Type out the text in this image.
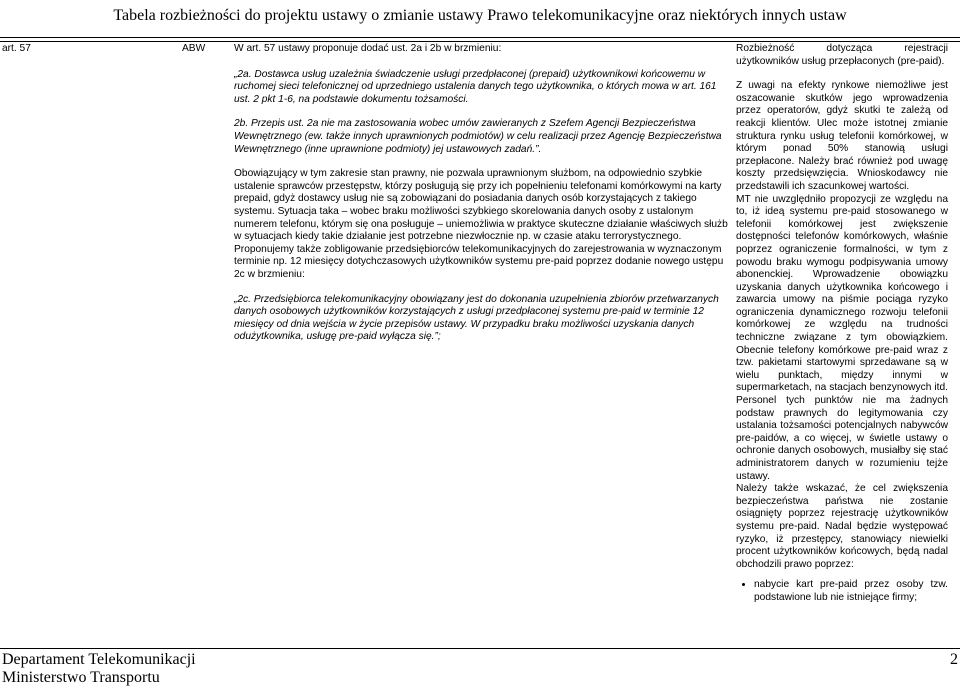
Tabela rozbieżności do projektu ustawy o zmianie ustawy Prawo telekomunikacyjne oraz niektórych innych ustaw
art. 57	ABW	W art. 57 ustawy proponuje dodać ust. 2a i 2b w brzmieniu:

„2a. Dostawca usług uzależnia świadczenie usługi przedpłaconej (prepaid) użytkownikowi końcowemu w ruchomej sieci telefonicznej od uprzedniego ustalenia danych tego użytkownika, o których mowa w art. 161 ust. 2 pkt 1-6, na podstawie dokumentu tożsamości.

2b. Przepis ust. 2a nie ma zastosowania wobec umów zawieranych z Szefem Agencji Bezpieczeństwa Wewnętrznego (ew. także innych uprawnionych podmiotów) w celu realizacji przez Agencję Bezpieczeństwa Wewnętrznego (inne uprawnione podmioty) jej ustawowych zadań.”.

Obowiązujący w tym zakresie stan prawny, nie pozwala uprawnionym służbom, na odpowiednio szybkie ustalenie sprawców przestępstw, którzy posługują się przy ich popełnieniu telefonami komórkowymi na karty prepaid, gdyż dostawcy usług nie są zobowiązani do posiadania danych osób korzystających z takiego systemu. Sytuacja taka – wobec braku możliwości szybkiego skorelowania danych osoby z ustalonym numerem telefonu, którym się ona posługuje – uniemożliwia w praktyce skuteczne działanie właściwych służb w sytuacjach kiedy takie działanie jest potrzebne niezwłocznie np. w czasie ataku terrorystycznego.

Proponujemy także zobligowanie przedsiębiorców telekomunikacyjnych do zarejestrowania w wyznaczonym terminie np. 12 miesięcy dotychczasowych użytkowników systemu pre-paid poprzez dodanie nowego ustępu 2c w brzmieniu:

„2c. Przedsiębiorca telekomunikacyjny obowiązany jest do dokonania uzupełnienia zbiorów przetwarzanych danych osobowych użytkowników korzystających z usługi przedpłaconej systemu pre-paid w terminie 12 miesięcy od dnia wejścia w życie przepisów ustawy. W przypadku braku możliwości uzyskania danych odużytkownika, usługę pre-paid wyłącza się.”;

Rozbieżność dotycząca rejestracji użytkowników usług przepłaconych (pre-paid).

Z uwagi na efekty rynkowe niemożliwe jest oszacowanie skutków jego wprowadzenia przez operatorów, gdyż skutki te zależą od reakcji klientów. Ulec może istotnej zmianie struktura rynku usług telefonii komórkowej, w którym ponad 50% stanowią usługi przepłacone. Należy brać również pod uwagę koszty przedsięwzięcia. Wnioskodawcy nie przedstawili ich szacunkowej wartości.

MT nie uwzględniło propozycji ze względu na to, iż ideą systemu pre-paid stosowanego w telefonii komórkowej jest zwiększenie dostępności telefonów komórkowych, właśnie poprzez ograniczenie formalności, w tym z powodu braku wymogu podpisywania umowy abonenckiej. Wprowadzenie obowiązku uzyskania danych użytkownika końcowego i zawarcia umowy na piśmie pociąga ryzyko ograniczenia dynamicznego rozwoju telefonii komórkowej ze względu na trudności techniczne związane z tym obowiązkiem. Obecnie telefony komórkowe pre-paid wraz z tzw. pakietami startowymi sprzedawane są w wielu punktach, między innymi w supermarketach, na stacjach benzynowych itd. Personel tych punktów nie ma żadnych podstaw prawnych do legitymowania czy ustalania tożsamości potencjalnych nabywców pre-paidów, a co więcej, w świetle ustawy o ochronie danych osobowych, musiałby się stać administratorem danych w rozumieniu tejże ustawy.

Należy także wskazać, że cel zwiększenia bezpieczeństwa państwa nie zostanie osiągnięty poprzez rejestrację użytkowników systemu pre-paid. Nadal będzie występować ryzyko, iż przestępcy, stanowiący niewielki procent użytkowników końcowych, będą nadal obchodzili prawo poprzez:

• nabycie kart pre-paid przez osoby tzw. podstawione lub nie istniejące firmy;
Departament Telekomunikacji
Ministerstwo Transportu
2
